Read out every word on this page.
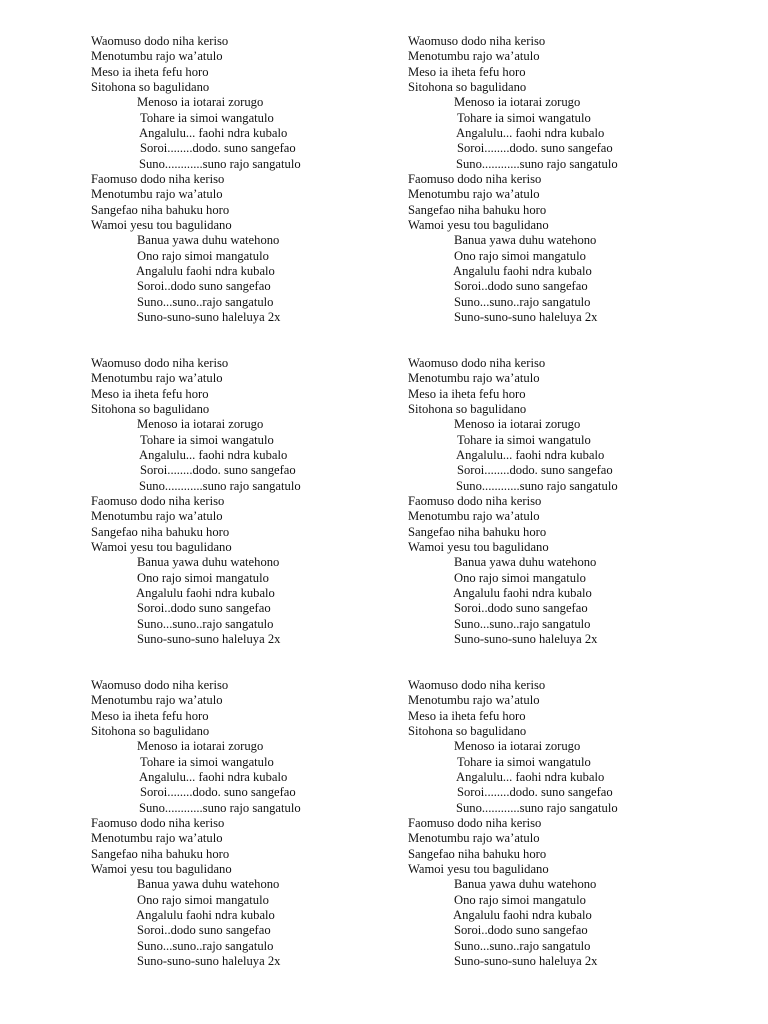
Waomuso dodo niha keriso
Menotumbu rajo wa’atulo
Meso ia iheta fefu horo
Sitohona so bagulidano
Menoso ia iotarai zorugo
Tohare ia simoi wangatulo
Angalulu... faohi ndra kubalo
Soroi........dodo. suno sangefao
Suno............suno rajo sangatulo
Faomuso dodo niha keriso
Menotumbu rajo wa’atulo
Sangefao niha bahuku horo
Wamoi yesu tou bagulidano
Banua yawa duhu watehono
Ono rajo simoi mangatulo
Angalulu faohi ndra kubalo
Soroi..dodo suno sangefao
Suno...suno..rajo sangatulo
Suno-suno-suno haleluya 2x
Waomuso dodo niha keriso
Menotumbu rajo wa’atulo
Meso ia iheta fefu horo
Sitohona so bagulidano
Menoso ia iotarai zorugo
Tohare ia simoi wangatulo
Angalulu... faohi ndra kubalo
Soroi........dodo. suno sangefao
Suno............suno rajo sangatulo
Faomuso dodo niha keriso
Menotumbu rajo wa’atulo
Sangefao niha bahuku horo
Wamoi yesu tou bagulidano
Banua yawa duhu watehono
Ono rajo simoi mangatulo
Angalulu faohi ndra kubalo
Soroi..dodo suno sangefao
Suno...suno..rajo sangatulo
Suno-suno-suno haleluya 2x
Waomuso dodo niha keriso
Menotumbu rajo wa’atulo
Meso ia iheta fefu horo
Sitohona so bagulidano
Menoso ia iotarai zorugo
Tohare ia simoi wangatulo
Angalulu... faohi ndra kubalo
Soroi........dodo. suno sangefao
Suno............suno rajo sangatulo
Faomuso dodo niha keriso
Menotumbu rajo wa’atulo
Sangefao niha bahuku horo
Wamoi yesu tou bagulidano
Banua yawa duhu watehono
Ono rajo simoi mangatulo
Angalulu faohi ndra kubalo
Soroi..dodo suno sangefao
Suno...suno..rajo sangatulo
Suno-suno-suno haleluya 2x
Waomuso dodo niha keriso
Menotumbu rajo wa’atulo
Meso ia iheta fefu horo
Sitohona so bagulidano
Menoso ia iotarai zorugo
Tohare ia simoi wangatulo
Angalulu... faohi ndra kubalo
Soroi........dodo. suno sangefao
Suno............suno rajo sangatulo
Faomuso dodo niha keriso
Menotumbu rajo wa’atulo
Sangefao niha bahuku horo
Wamoi yesu tou bagulidano
Banua yawa duhu watehono
Ono rajo simoi mangatulo
Angalulu faohi ndra kubalo
Soroi..dodo suno sangefao
Suno...suno..rajo sangatulo
Suno-suno-suno haleluya 2x
Waomuso dodo niha keriso
Menotumbu rajo wa’atulo
Meso ia iheta fefu horo
Sitohona so bagulidano
Menoso ia iotarai zorugo
Tohare ia simoi wangatulo
Angalulu... faohi ndra kubalo
Soroi........dodo. suno sangefao
Suno............suno rajo sangatulo
Faomuso dodo niha keriso
Menotumbu rajo wa’atulo
Sangefao niha bahuku horo
Wamoi yesu tou bagulidano
Banua yawa duhu watehono
Ono rajo simoi mangatulo
Angalulu faohi ndra kubalo
Soroi..dodo suno sangefao
Suno...suno..rajo sangatulo
Suno-suno-suno haleluya 2x
Waomuso dodo niha keriso
Menotumbu rajo wa’atulo
Meso ia iheta fefu horo
Sitohona so bagulidano
Menoso ia iotarai zorugo
Tohare ia simoi wangatulo
Angalulu... faohi ndra kubalo
Soroi........dodo. suno sangefao
Suno............suno rajo sangatulo
Faomuso dodo niha keriso
Menotumbu rajo wa’atulo
Sangefao niha bahuku horo
Wamoi yesu tou bagulidano
Banua yawa duhu watehono
Ono rajo simoi mangatulo
Angalulu faohi ndra kubalo
Soroi..dodo suno sangefao
Suno...suno..rajo sangatulo
Suno-suno-suno haleluya 2x
